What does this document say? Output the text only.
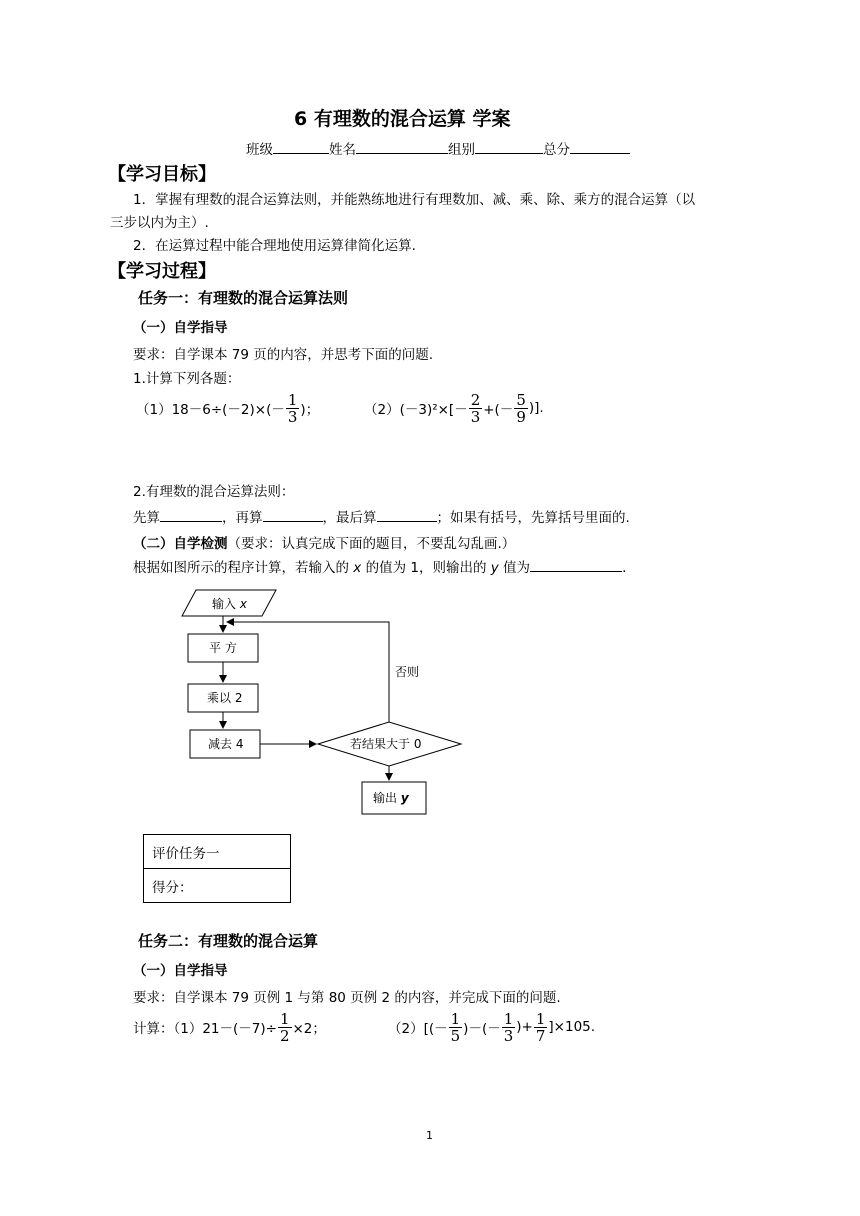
6 有理数的混合运算 学案
班级	姓名	组别	总分
【学习目标】
1．掌握有理数的混合运算法则，并能熟练地进行有理数加、减、乘、除、乘方的混合运算（以
三步以内为主）.
2．在运算过程中能合理地使用运算律简化运算.
【学习过程】
任务一：有理数的混合运算法则
（一）自学指导
要求：自学课本 79 页的内容，并思考下面的问题.
1.计算下列各题：
$(1)18-6\div(-2)\times(- \frac{1}{3}$ )；	$(2)(-3)^2\times[- \frac{2}{3}$ +(－ $\frac{5}{9}$ )].
2.有理数的混合运算法则：
先算	，再算	，最后算	；如果有括号，先算括号里面的.
（二）自学检测（要求：认真完成下面的题目，不要乱勾乱画.）
根据如图所示的程序计算，若输入的 x 的值为 1，则输出的 y 值为	.
输入 x
否则
平 方
乘以 2
减去 4	若结果大于 0
输出 y
评价任务一
得分：
任务二：有理数的混合运算
（一）自学指导
要求：自学课本 79 页例 1 与第 80 页例 2 的内容，并完成下面的问题.
计算：$(1)21-(-7)\div \frac{1}{2} \times 2$；	$(2)[(- \frac{1}{5}$ )－(－ $\frac{1}{3}$ )+ $\frac{1}{7} ]\times 105$.
1
